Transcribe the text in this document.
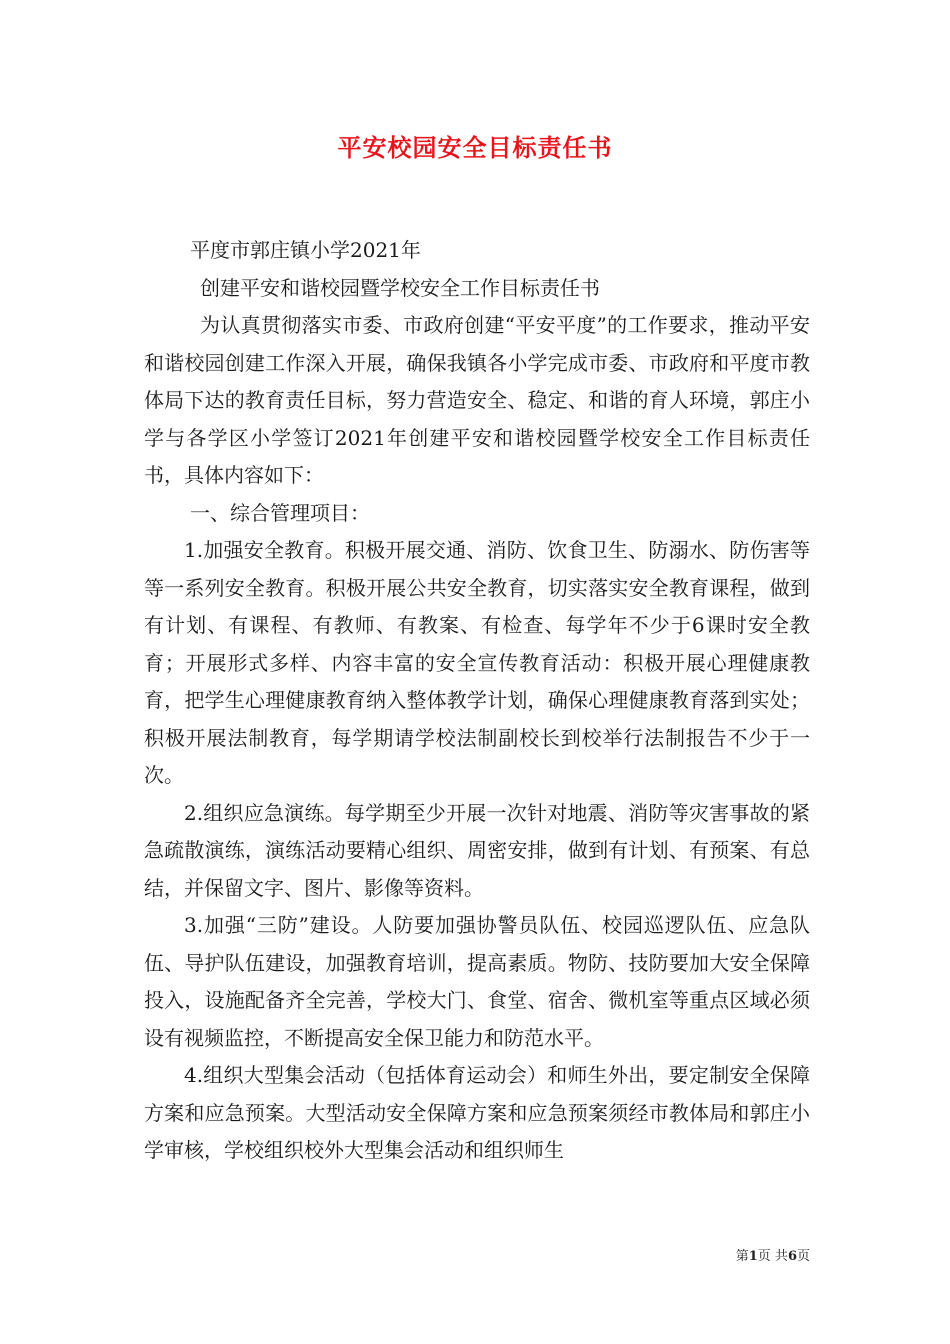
平安校园安全目标责任书

平度市郭庄镇小学2021年

创建平安和谐校园暨学校安全工作目标责任书

为认真贯彻落实市委、市政府创建“平安平度”的工作要求，推动平安和谐校园创建工作深入开展，确保我镇各小学完成市委、市政府和平度市教体局下达的教育责任目标，努力营造安全、稳定、和谐的育人环境，郭庄小学与各学区小学签订2021年创建平安和谐校园暨学校安全工作目标责任书，具体内容如下：

一、综合管理项目：

1.加强安全教育。积极开展交通、消防、饮食卫生、防溺水、防伤害等等一系列安全教育。积极开展公共安全教育，切实落实安全教育课程，做到有计划、有课程、有教师、有教案、有检查、每学年不少于6课时安全教育；开展形式多样、内容丰富的安全宣传教育活动：积极开展心理健康教育，把学生心理健康教育纳入整体教学计划，确保心理健康教育落到实处；积极开展法制教育，每学期请学校法制副校长到校举行法制报告不少于一次。

2.组织应急演练。每学期至少开展一次针对地震、消防等灾害事故的紧急疏散演练，演练活动要精心组织、周密安排，做到有计划、有预案、有总结，并保留文字、图片、影像等资料。

3.加强“三防”建设。人防要加强协警员队伍、校园巡逻队伍、应急队伍、导护队伍建设，加强教育培训，提高素质。物防、技防要加大安全保障投入，设施配备齐全完善，学校大门、食堂、宿舍、微机室等重点区域必须设有视频监控，不断提高安全保卫能力和防范水平。

4.组织大型集会活动（包括体育运动会）和师生外出，要定制安全保障方案和应急预案。大型活动安全保障方案和应急预案须经市教体局和郭庄小学审核，学校组织校外大型集会活动和组织师生

第1页 共6页
